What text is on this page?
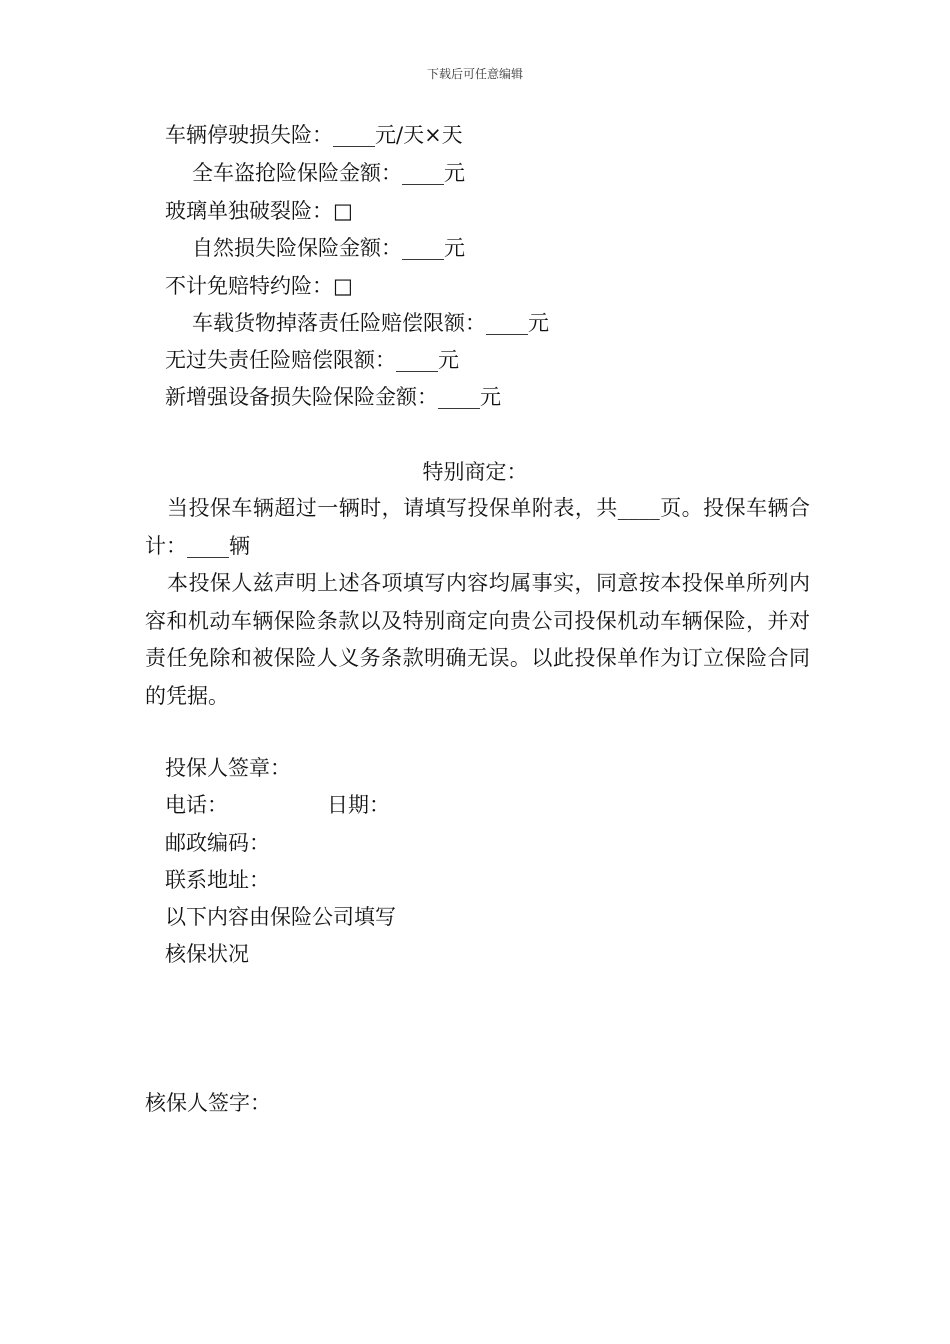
下载后可任意编辑
车辆停驶损失险：____元/天×天
全车盗抢险保险金额：____元
玻璃单独破裂险：□
自然损失险保险金额：____元
不计免赔特约险：□
车载货物掉落责任险赔偿限额：____元
无过失责任险赔偿限额：____元
新增强设备损失险保险金额：____元
特别商定：
当投保车辆超过一辆时，请填写投保单附表，共____页。投保车辆合计：____辆
本投保人兹声明上述各项填写内容均属事实，同意按本投保单所列内容和机动车辆保险条款以及特别商定向贵公司投保机动车辆保险，并对责任免除和被保险人义务条款明确无误。以此投保单作为订立保险合同的凭据。
投保人签章：
电话：	日期：
邮政编码：
联系地址：
以下内容由保险公司填写
核保状况
核保人签字：
